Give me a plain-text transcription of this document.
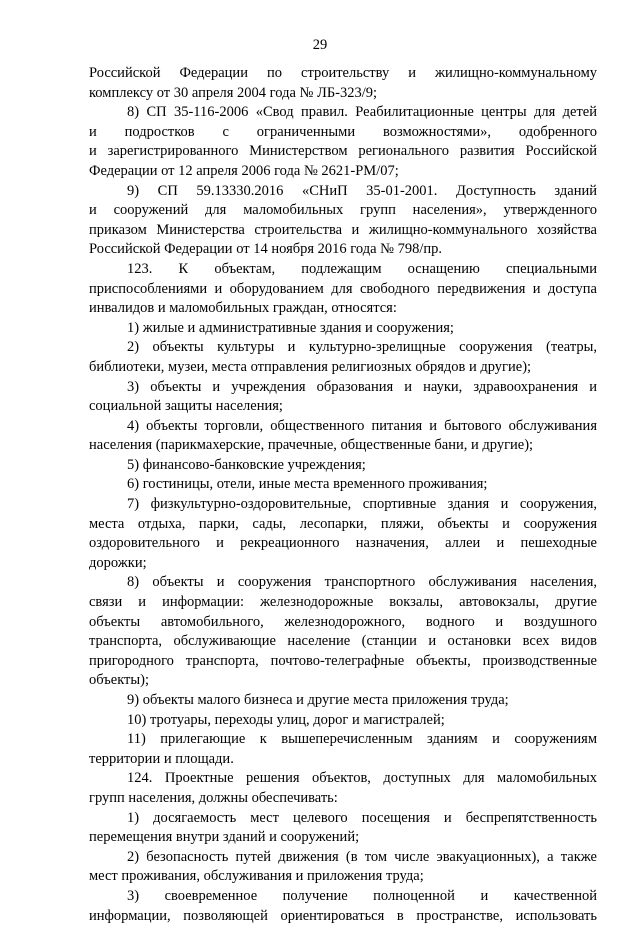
29
Российской Федерации по строительству и жилищно-коммунальному
комплексу от 30 апреля 2004 года № ЛБ-323/9;
8) СП 35-116-2006 «Свод правил. Реабилитационные центры для детей
и подростков с ограниченными возможностями», одобренного
и зарегистрированного Министерством регионального развития Российской
Федерации от 12 апреля 2006 года № 2621-РМ/07;
9) СП 59.13330.2016 «СНиП 35-01-2001. Доступность зданий
и сооружений для маломобильных групп населения», утвержденного
приказом Министерства строительства и жилищно-коммунального хозяйства
Российской Федерации от 14 ноября 2016 года № 798/пр.
123. К объектам, подлежащим оснащению специальными
приспособлениями и оборудованием для свободного передвижения и доступа
инвалидов и маломобильных граждан, относятся:
1) жилые и административные здания и сооружения;
2) объекты культуры и культурно-зрелищные сооружения (театры,
библиотеки, музеи, места отправления религиозных обрядов и другие);
3) объекты и учреждения образования и науки, здравоохранения и
социальной защиты населения;
4) объекты торговли, общественного питания и бытового обслуживания
населения (парикмахерские, прачечные, общественные бани, и другие);
5) финансово-банковские учреждения;
6) гостиницы, отели, иные места временного проживания;
7) физкультурно-оздоровительные, спортивные здания и сооружения,
места отдыха, парки, сады, лесопарки, пляжи, объекты и сооружения
оздоровительного и рекреационного назначения, аллеи и пешеходные
дорожки;
8) объекты и сооружения транспортного обслуживания населения,
связи и информации: железнодорожные вокзалы, автовокзалы, другие
объекты автомобильного, железнодорожного, водного и воздушного
транспорта, обслуживающие население (станции и остановки всех видов
пригородного транспорта, почтово-телеграфные объекты, производственные
объекты);
9) объекты малого бизнеса и другие места приложения труда;
10) тротуары, переходы улиц, дорог и магистралей;
11) прилегающие к вышеперечисленным зданиям и сооружениям
территории и площади.
124. Проектные решения объектов, доступных для маломобильных
групп населения, должны обеспечивать:
1) досягаемость мест целевого посещения и беспрепятственность
перемещения внутри зданий и сооружений;
2) безопасность путей движения (в том числе эвакуационных), а также
мест проживания, обслуживания и приложения труда;
3) своевременное получение полноценной и качественной
информации, позволяющей ориентироваться в пространстве, использовать
